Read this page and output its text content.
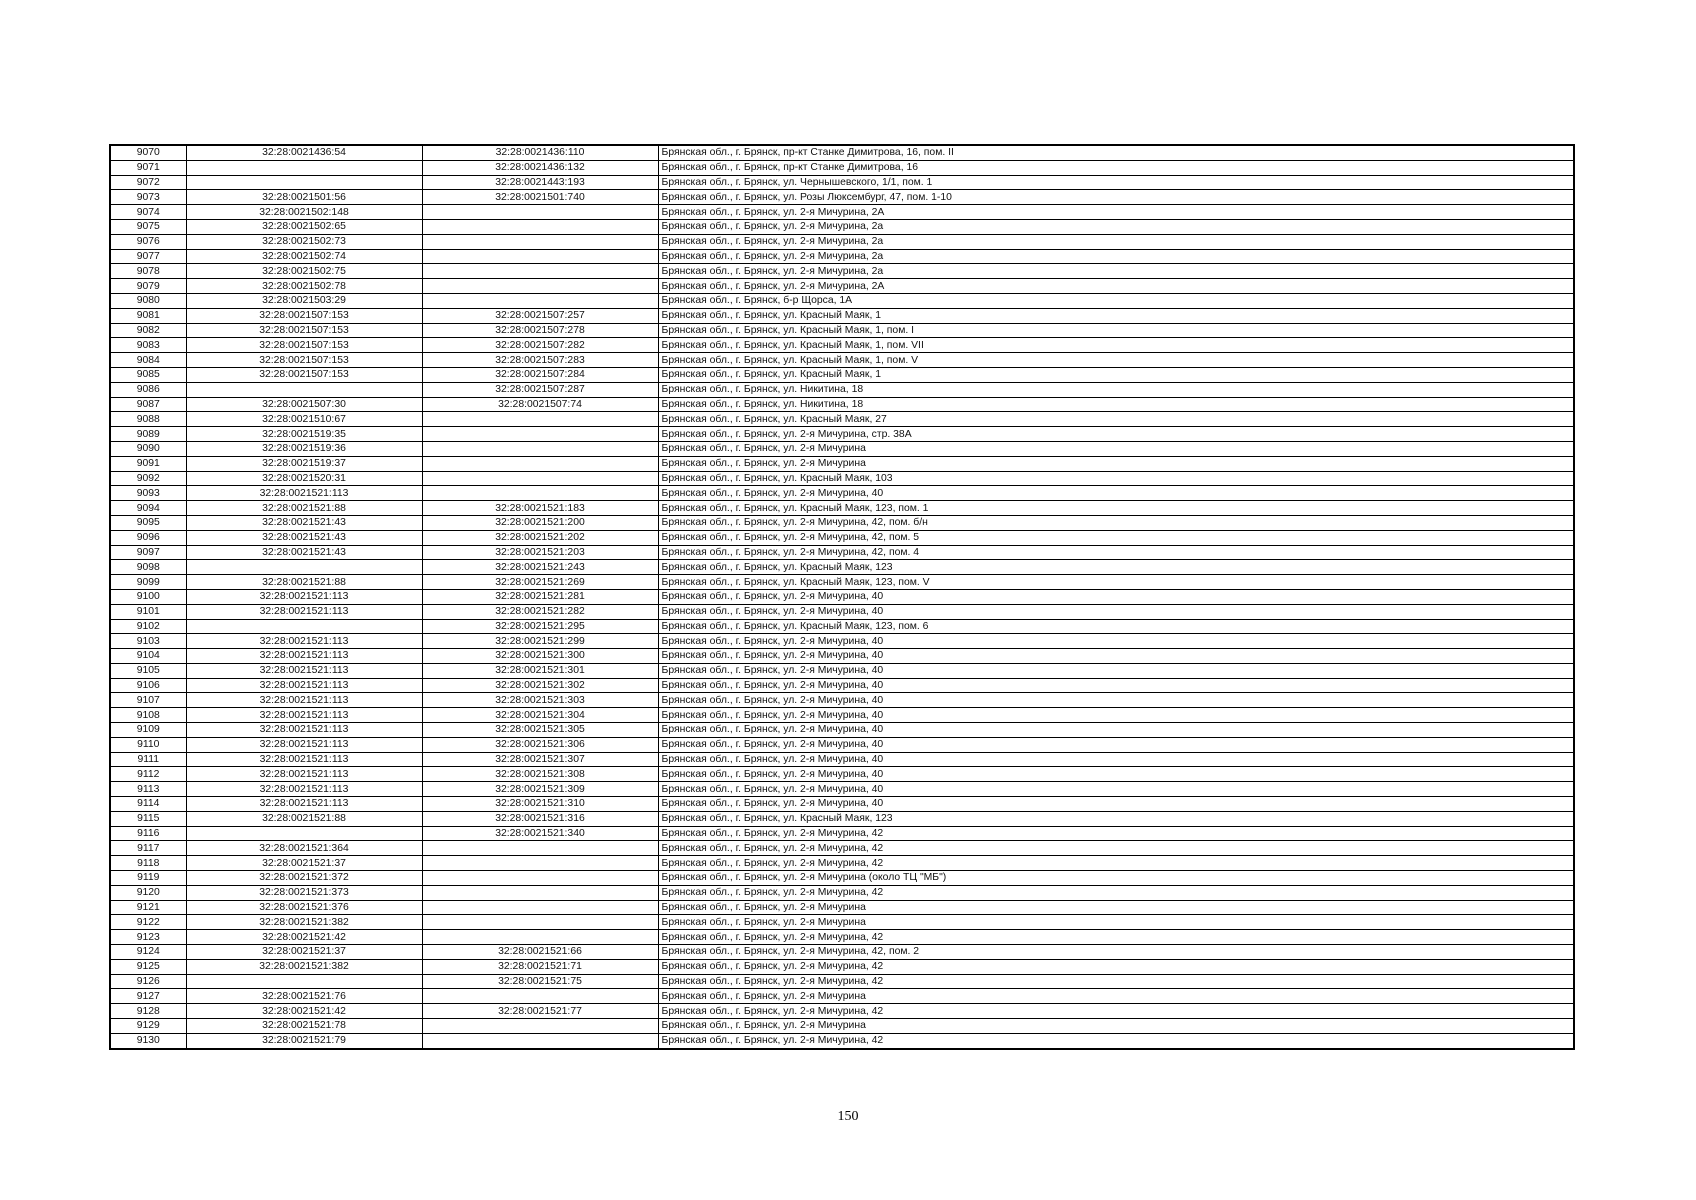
9070	32:28:0021436:54	32:28:0021436:110	Брянская обл., г. Брянск, пр-кт Станке Димитрова, 16, пом. II
9071		32:28:0021436:132	Брянская обл., г. Брянск, пр-кт Станке Димитрова, 16
9072		32:28:0021443:193	Брянская обл., г. Брянск, ул. Чернышевского, 1/1, пом. 1
9073	32:28:0021501:56	32:28:0021501:740	Брянская обл., г. Брянск, ул. Розы Люксембург, 47, пом. 1-10
9074	32:28:0021502:148		Брянская обл., г. Брянск, ул. 2-я Мичурина, 2А
9075	32:28:0021502:65		Брянская обл., г. Брянск, ул. 2-я Мичурина, 2а
9076	32:28:0021502:73		Брянская обл., г. Брянск, ул. 2-я Мичурина, 2а
9077	32:28:0021502:74		Брянская обл., г. Брянск, ул. 2-я Мичурина, 2а
9078	32:28:0021502:75		Брянская обл., г. Брянск, ул. 2-я Мичурина, 2а
9079	32:28:0021502:78		Брянская обл., г. Брянск, ул. 2-я Мичурина, 2А
9080	32:28:0021503:29		Брянская обл., г. Брянск, б-р Щорса, 1А
9081	32:28:0021507:153	32:28:0021507:257	Брянская обл., г. Брянск, ул. Красный Маяк, 1
9082	32:28:0021507:153	32:28:0021507:278	Брянская обл., г. Брянск, ул. Красный Маяк, 1, пом. I
9083	32:28:0021507:153	32:28:0021507:282	Брянская обл., г. Брянск, ул. Красный Маяк, 1, пом. VII
9084	32:28:0021507:153	32:28:0021507:283	Брянская обл., г. Брянск, ул. Красный Маяк, 1, пом. V
9085	32:28:0021507:153	32:28:0021507:284	Брянская обл., г. Брянск, ул. Красный Маяк, 1
9086		32:28:0021507:287	Брянская обл., г. Брянск, ул. Никитина, 18
9087	32:28:0021507:30	32:28:0021507:74	Брянская обл., г. Брянск, ул. Никитина, 18
9088	32:28:0021510:67		Брянская обл., г. Брянск, ул. Красный Маяк, 27
9089	32:28:0021519:35		Брянская обл., г. Брянск, ул. 2-я Мичурина, стр. 38А
9090	32:28:0021519:36		Брянская обл., г. Брянск, ул. 2-я Мичурина
9091	32:28:0021519:37		Брянская обл., г. Брянск, ул. 2-я Мичурина
9092	32:28:0021520:31		Брянская обл., г. Брянск, ул. Красный Маяк, 103
9093	32:28:0021521:113		Брянская обл., г. Брянск, ул. 2-я Мичурина, 40
9094	32:28:0021521:88	32:28:0021521:183	Брянская обл., г. Брянск, ул. Красный Маяк, 123, пом. 1
9095	32:28:0021521:43	32:28:0021521:200	Брянская обл., г. Брянск, ул. 2-я Мичурина, 42, пом. б/н
9096	32:28:0021521:43	32:28:0021521:202	Брянская обл., г. Брянск, ул. 2-я Мичурина, 42, пом. 5
9097	32:28:0021521:43	32:28:0021521:203	Брянская обл., г. Брянск, ул. 2-я Мичурина, 42, пом. 4
9098		32:28:0021521:243	Брянская обл., г. Брянск, ул. Красный Маяк, 123
9099	32:28:0021521:88	32:28:0021521:269	Брянская обл., г. Брянск, ул. Красный Маяк, 123, пом. V
9100	32:28:0021521:113	32:28:0021521:281	Брянская обл., г. Брянск, ул. 2-я Мичурина, 40
9101	32:28:0021521:113	32:28:0021521:282	Брянская обл., г. Брянск, ул. 2-я Мичурина, 40
9102		32:28:0021521:295	Брянская обл., г. Брянск, ул. Красный Маяк, 123, пом. 6
9103	32:28:0021521:113	32:28:0021521:299	Брянская обл., г. Брянск, ул. 2-я Мичурина, 40
9104	32:28:0021521:113	32:28:0021521:300	Брянская обл., г. Брянск, ул. 2-я Мичурина, 40
9105	32:28:0021521:113	32:28:0021521:301	Брянская обл., г. Брянск, ул. 2-я Мичурина, 40
9106	32:28:0021521:113	32:28:0021521:302	Брянская обл., г. Брянск, ул. 2-я Мичурина, 40
9107	32:28:0021521:113	32:28:0021521:303	Брянская обл., г. Брянск, ул. 2-я Мичурина, 40
9108	32:28:0021521:113	32:28:0021521:304	Брянская обл., г. Брянск, ул. 2-я Мичурина, 40
9109	32:28:0021521:113	32:28:0021521:305	Брянская обл., г. Брянск, ул. 2-я Мичурина, 40
9110	32:28:0021521:113	32:28:0021521:306	Брянская обл., г. Брянск, ул. 2-я Мичурина, 40
9111	32:28:0021521:113	32:28:0021521:307	Брянская обл., г. Брянск, ул. 2-я Мичурина, 40
9112	32:28:0021521:113	32:28:0021521:308	Брянская обл., г. Брянск, ул. 2-я Мичурина, 40
9113	32:28:0021521:113	32:28:0021521:309	Брянская обл., г. Брянск, ул. 2-я Мичурина, 40
9114	32:28:0021521:113	32:28:0021521:310	Брянская обл., г. Брянск, ул. 2-я Мичурина, 40
9115	32:28:0021521:88	32:28:0021521:316	Брянская обл., г. Брянск, ул. Красный Маяк, 123
9116		32:28:0021521:340	Брянская обл., г. Брянск, ул. 2-я Мичурина, 42
9117	32:28:0021521:364		Брянская обл., г. Брянск, ул. 2-я Мичурина, 42
9118	32:28:0021521:37		Брянская обл., г. Брянск, ул. 2-я Мичурина, 42
9119	32:28:0021521:372		Брянская обл., г. Брянск, ул. 2-я Мичурина (около ТЦ "МБ")
9120	32:28:0021521:373		Брянская обл., г. Брянск, ул. 2-я Мичурина, 42
9121	32:28:0021521:376		Брянская обл., г. Брянск, ул. 2-я Мичурина
9122	32:28:0021521:382		Брянская обл., г. Брянск, ул. 2-я Мичурина
9123	32:28:0021521:42		Брянская обл., г. Брянск, ул. 2-я Мичурина, 42
9124	32:28:0021521:37	32:28:0021521:66	Брянская обл., г. Брянск, ул. 2-я Мичурина, 42, пом. 2
9125	32:28:0021521:382	32:28:0021521:71	Брянская обл., г. Брянск, ул. 2-я Мичурина, 42
9126		32:28:0021521:75	Брянская обл., г. Брянск, ул. 2-я Мичурина, 42
9127	32:28:0021521:76		Брянская обл., г. Брянск, ул. 2-я Мичурина
9128	32:28:0021521:42	32:28:0021521:77	Брянская обл., г. Брянск, ул. 2-я Мичурина, 42
9129	32:28:0021521:78		Брянская обл., г. Брянск, ул. 2-я Мичурина
9130	32:28:0021521:79		Брянская обл., г. Брянск, ул. 2-я Мичурина, 42
150
